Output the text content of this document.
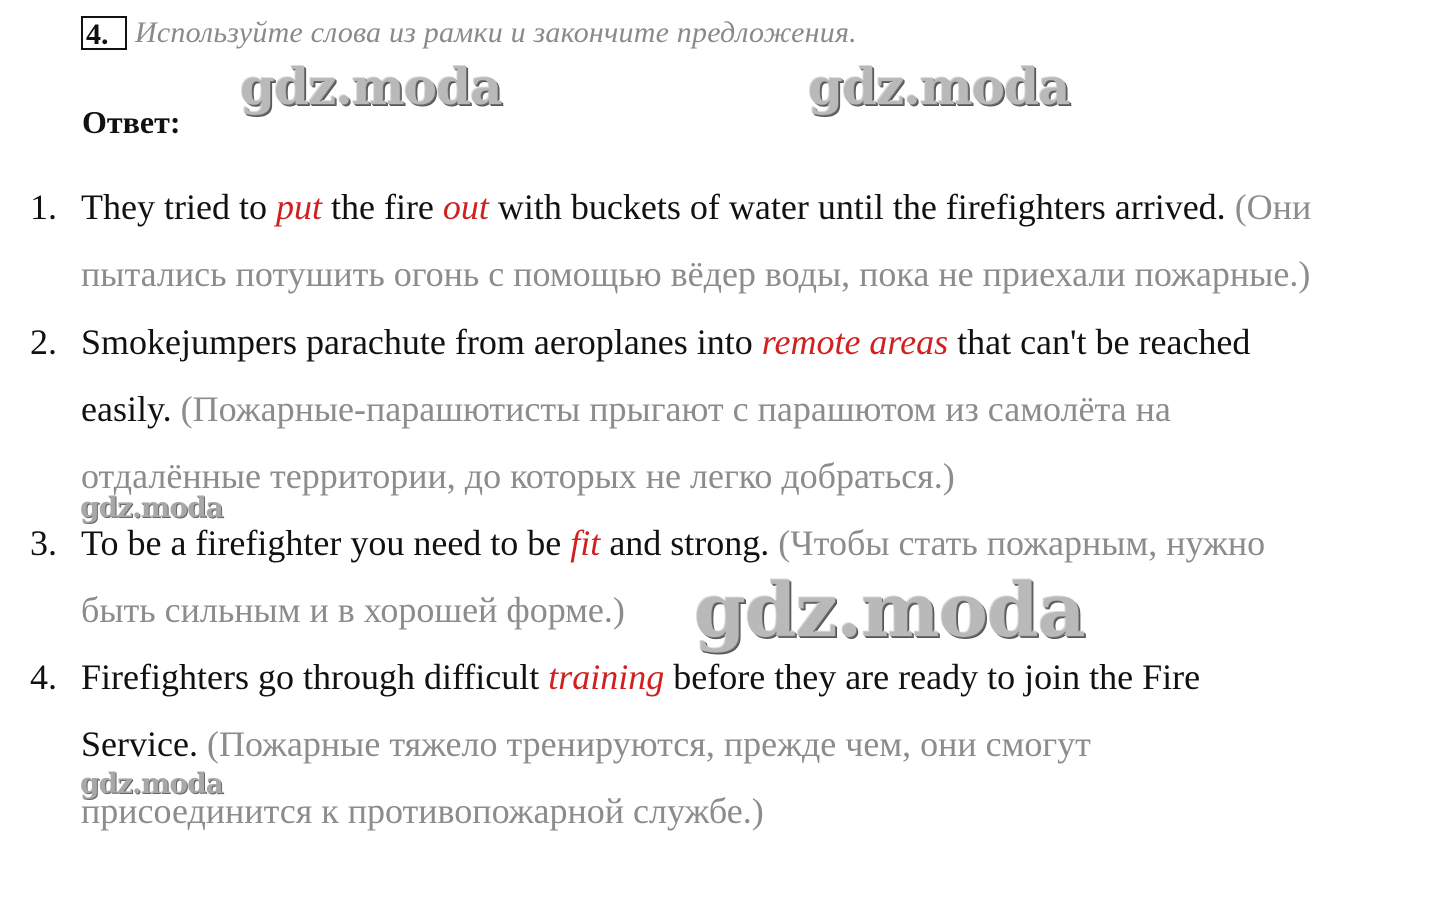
4. Используйте слова из рамки и закончите предложения.
gdz.moda	gdz.moda
Ответ:
1. They tried to put the fire out with buckets of water until the firefighters arrived. (Они
пытались потушить огонь с помощью вёдер воды, пока не приехали пожарные.)
2. Smokejumpers parachute from aeroplanes into remote areas that can't be reached
easily. (Пожарные-парашютисты прыгают с парашютом из самолёта на
отдалённые территории, до которых не легко добраться.)
gdz.moda
3. To be a firefighter you need to be fit and strong. (Чтобы стать пожарным, нужно
быть сильным и в хорошей форме.) gdz.moda
4. Firefighters go through difficult training before they are ready to join the Fire
Service. (Пожарные тяжело тренируются, прежде чем, они смогут
присоединится к противопожарной службе.)
gdz.moda
